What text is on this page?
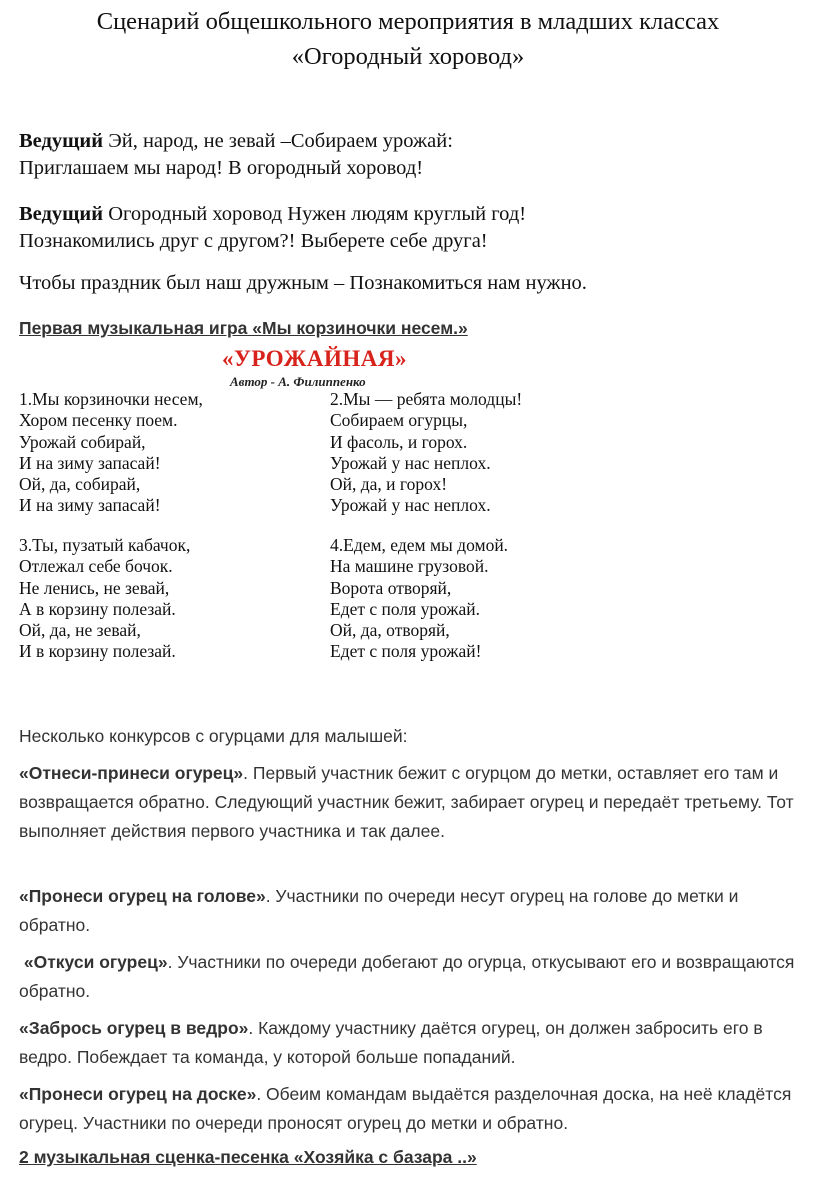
Сценарий общешкольного мероприятия в младших классах
«Огородный хоровод»
Ведущий Эй, народ, не зевай –Собираем урожай:
Приглашаем мы народ! В огородный хоровод!
Ведущий Огородный хоровод Нужен людям круглый год!
Познакомились друг с другом?! Выберете себе друга!
Чтобы праздник был наш дружным – Познакомиться нам нужно.
Первая музыкальная игра «Мы корзиночки несем.»
«УРОЖАЙНАЯ»
Автор - А. Филиппенко
1.Мы корзиночки несем,
Хором песенку поем.
Урожай собирай,
И на зиму запасай!
Ой, да, собирай,
И на зиму запасай!
2.Мы — ребята молодцы!
Собираем огурцы,
И фасоль, и горох.
Урожай у нас неплох.
Ой, да, и горох!
Урожай у нас неплох.
3.Ты, пузатый кабачок,
Отлежал себе бочок.
Не ленись, не зевай,
А в корзину полезай.
Ой, да, не зевай,
И в корзину полезай.
4.Едем, едем мы домой.
На машине грузовой.
Ворота отворяй,
Едет с поля урожай.
Ой, да, отворяй,
Едет с поля урожай!
Несколько конкурсов с огурцами для малышей:
«Отнеси-принеси огурец». Первый участник бежит с огурцом до метки, оставляет его там и возвращается обратно. Следующий участник бежит, забирает огурец и передаёт третьему. Тот выполняет действия первого участника и так далее.
«Пронеси огурец на голове». Участники по очереди несут огурец на голове до метки и обратно.
«Откуси огурец». Участники по очереди добегают до огурца, откусывают его и возвращаются обратно.
«Забрось огурец в ведро». Каждому участнику даётся огурец, он должен забросить его в ведро. Побеждает та команда, у которой больше попаданий.
«Пронеси огурец на доске». Обеим командам выдаётся разделочная доска, на неё кладётся огурец. Участники по очереди проносят огурец до метки и обратно.
2 музыкальная сценка-песенка «Хозяйка с базара ..»
